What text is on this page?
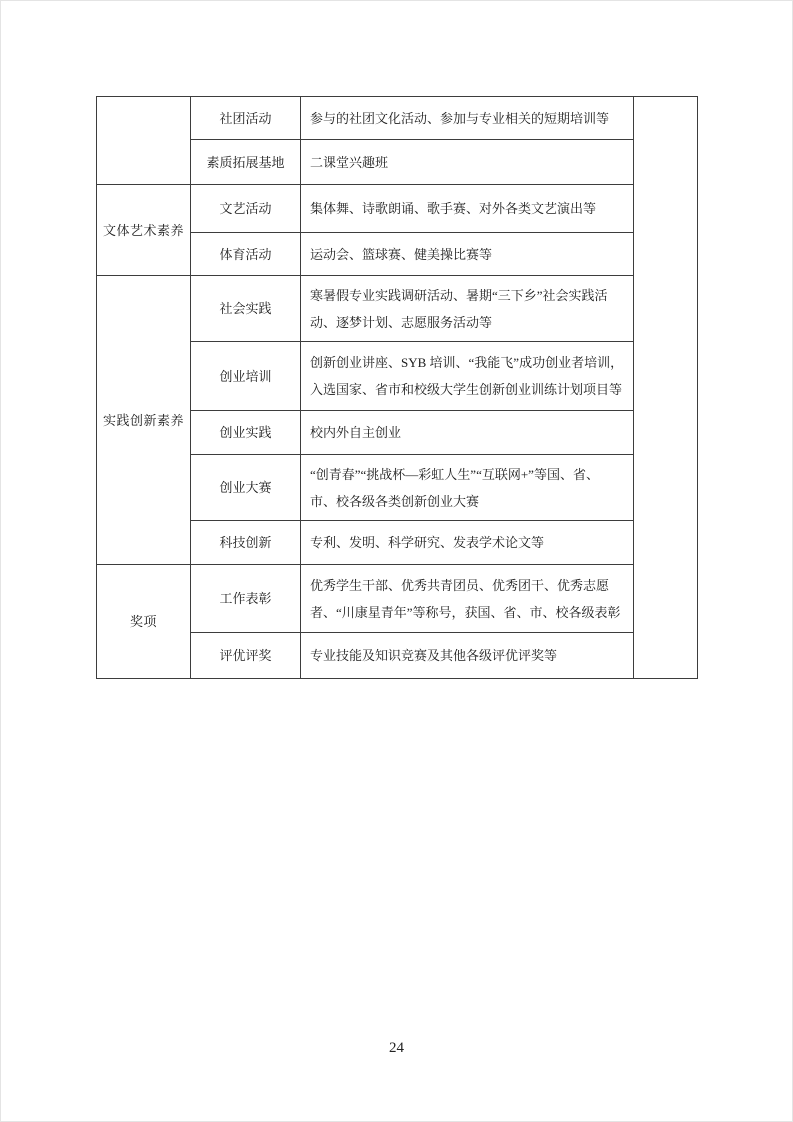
	社团活动	参与的社团文化活动、参加与专业相关的短期培训等	
	素质拓展基地	二课堂兴趣班	
文体艺术素养	文艺活动	集体舞、诗歌朗诵、歌手赛、对外各类文艺演出等	
	体育活动	运动会、篮球赛、健美操比赛等	
实践创新素养	社会实践	寒暑假专业实践调研活动、暑期“三下乡”社会实践活动、逐梦计划、志愿服务活动等	
	创业培训	创新创业讲座、SYB 培训、“我能飞”成功创业者培训，入选国家、省市和校级大学生创新创业训练计划项目等	
	创业实践	校内外自主创业	
	创业大赛	“创青春”“挑战杯—彩虹人生”“互联网+”等国、省、市、校各级各类创新创业大赛	
	科技创新	专利、发明、科学研究、发表学术论文等	
奖项	工作表彰	优秀学生干部、优秀共青团员、优秀团干、优秀志愿者、“川康星青年”等称号，获国、省、市、校各级表彰	
	评优评奖	专业技能及知识竞赛及其他各级评优评奖等	
24
